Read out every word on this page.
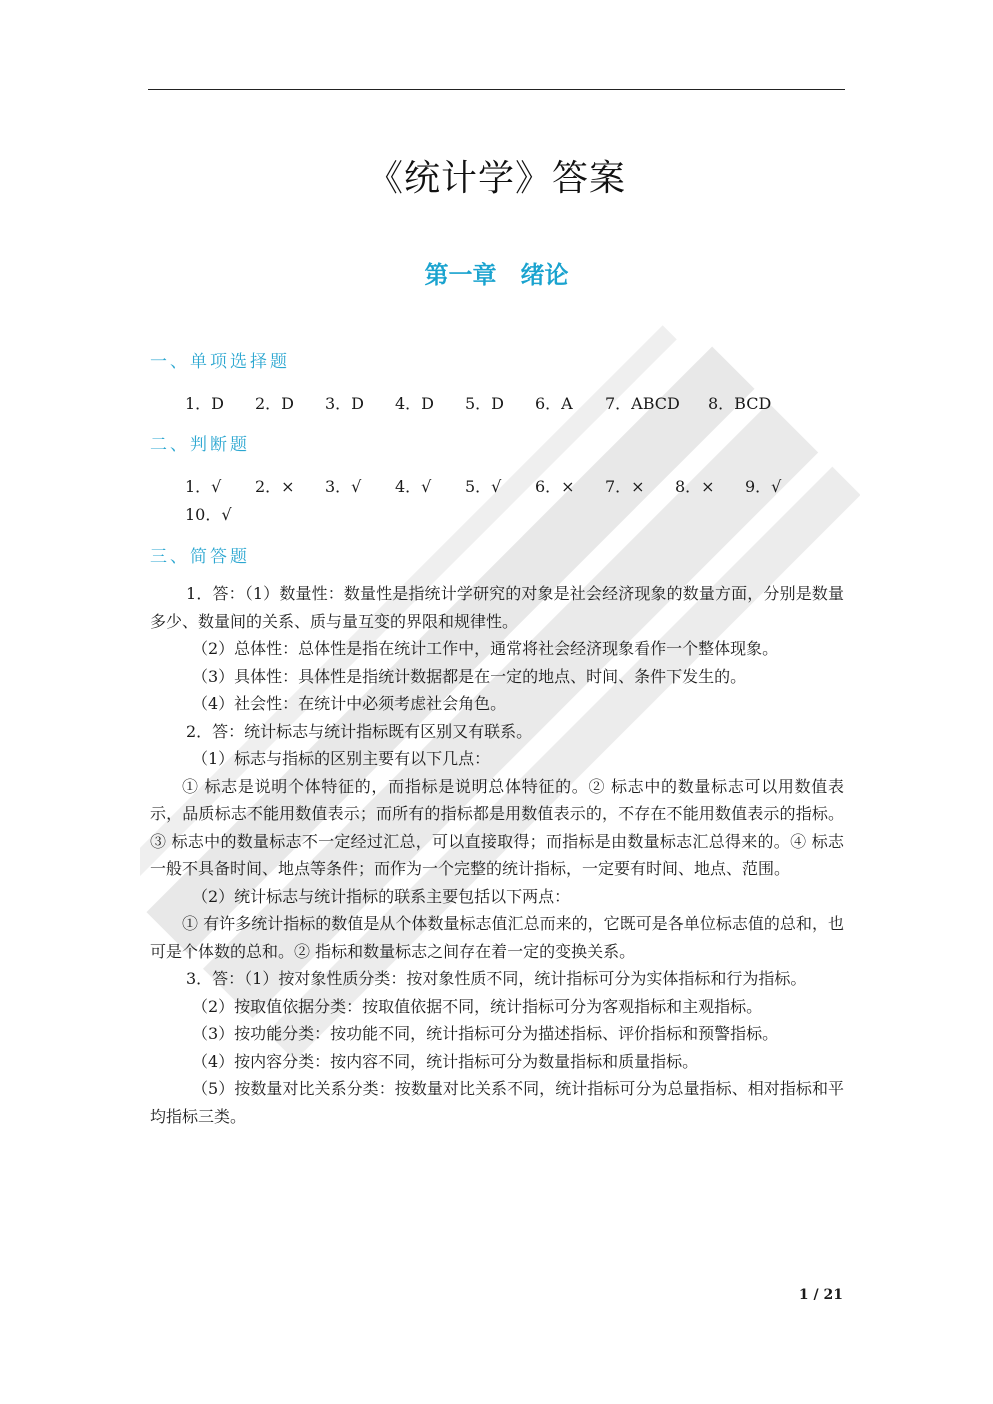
《统计学》答案
第一章　绪论
一、单项选择题
1．D 2．D 3．D 4．D 5．D 6．A 7．ABCD 8．BCD
二、判断题
1．√ 2．× 3．√ 4．√ 5．√ 6．× 7．× 8．× 9．√
10．√
三、简答题

1．答：（1）数量性：数量性是指统计学研究的对象是社会经济现象的数量方面，分别是数量多少、数量间的关系、质与量互变的界限和规律性。

（2）总体性：总体性是指在统计工作中，通常将社会经济现象看作一个整体现象。

（3）具体性：具体性是指统计数据都是在一定的地点、时间、条件下发生的。

（4）社会性：在统计中必须考虑社会角色。

2．答：统计标志与统计指标既有区别又有联系。

（1）标志与指标的区别主要有以下几点：

① 标志是说明个体特征的，而指标是说明总体特征的。② 标志中的数量标志可以用数值表示，品质标志不能用数值表示；而所有的指标都是用数值表示的，不存在不能用数值表示的指标。③ 标志中的数量标志不一定经过汇总，可以直接取得；而指标是由数量标志汇总得来的。④ 标志一般不具备时间、地点等条件；而作为一个完整的统计指标，一定要有时间、地点、范围。

（2）统计标志与统计指标的联系主要包括以下两点：

① 有许多统计指标的数值是从个体数量标志值汇总而来的，它既可是各单位标志值的总和，也可是个体数的总和。② 指标和数量标志之间存在着一定的变换关系。

3．答：（1）按对象性质分类：按对象性质不同，统计指标可分为实体指标和行为指标。

（2）按取值依据分类：按取值依据不同，统计指标可分为客观指标和主观指标。

（3）按功能分类：按功能不同，统计指标可分为描述指标、评价指标和预警指标。

（4）按内容分类：按内容不同，统计指标可分为数量指标和质量指标。

（5）按数量对比关系分类：按数量对比关系不同，统计指标可分为总量指标、相对指标和平均指标三类。

1 / 21
